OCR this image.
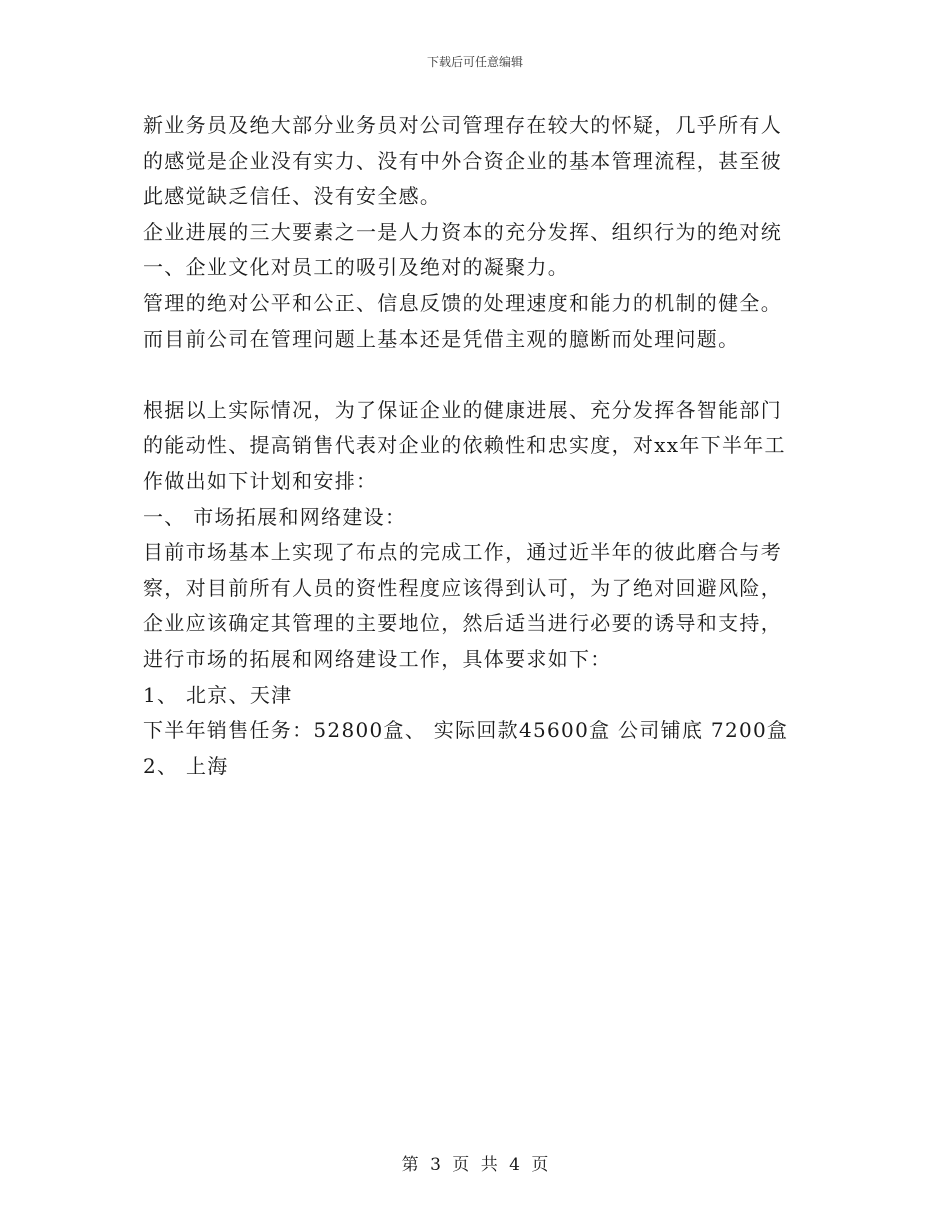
下载后可任意编辑
新业务员及绝大部分业务员对公司管理存在较大的怀疑，几乎所有人
的感觉是企业没有实力、没有中外合资企业的基本管理流程，甚至彼
此感觉缺乏信任、没有安全感。
企业进展的三大要素之一是人力资本的充分发挥、组织行为的绝对统
一、企业文化对员工的吸引及绝对的凝聚力。
管理的绝对公平和公正、信息反馈的处理速度和能力的机制的健全。
而目前公司在管理问题上基本还是凭借主观的臆断而处理问题。
根据以上实际情况，为了保证企业的健康进展、充分发挥各智能部门
的能动性、提高销售代表对企业的依赖性和忠实度，对xx年下半年工
作做出如下计划和安排：
一、 市场拓展和网络建设：
目前市场基本上实现了布点的完成工作，通过近半年的彼此磨合与考
察，对目前所有人员的资性程度应该得到认可，为了绝对回避风险，
企业应该确定其管理的主要地位，然后适当进行必要的诱导和支持，
进行市场的拓展和网络建设工作，具体要求如下：
1、 北京、天津
下半年销售任务：52800盒、 实际回款45600盒 公司铺底 7200盒
2、 上海
第 3 页 共 4 页
